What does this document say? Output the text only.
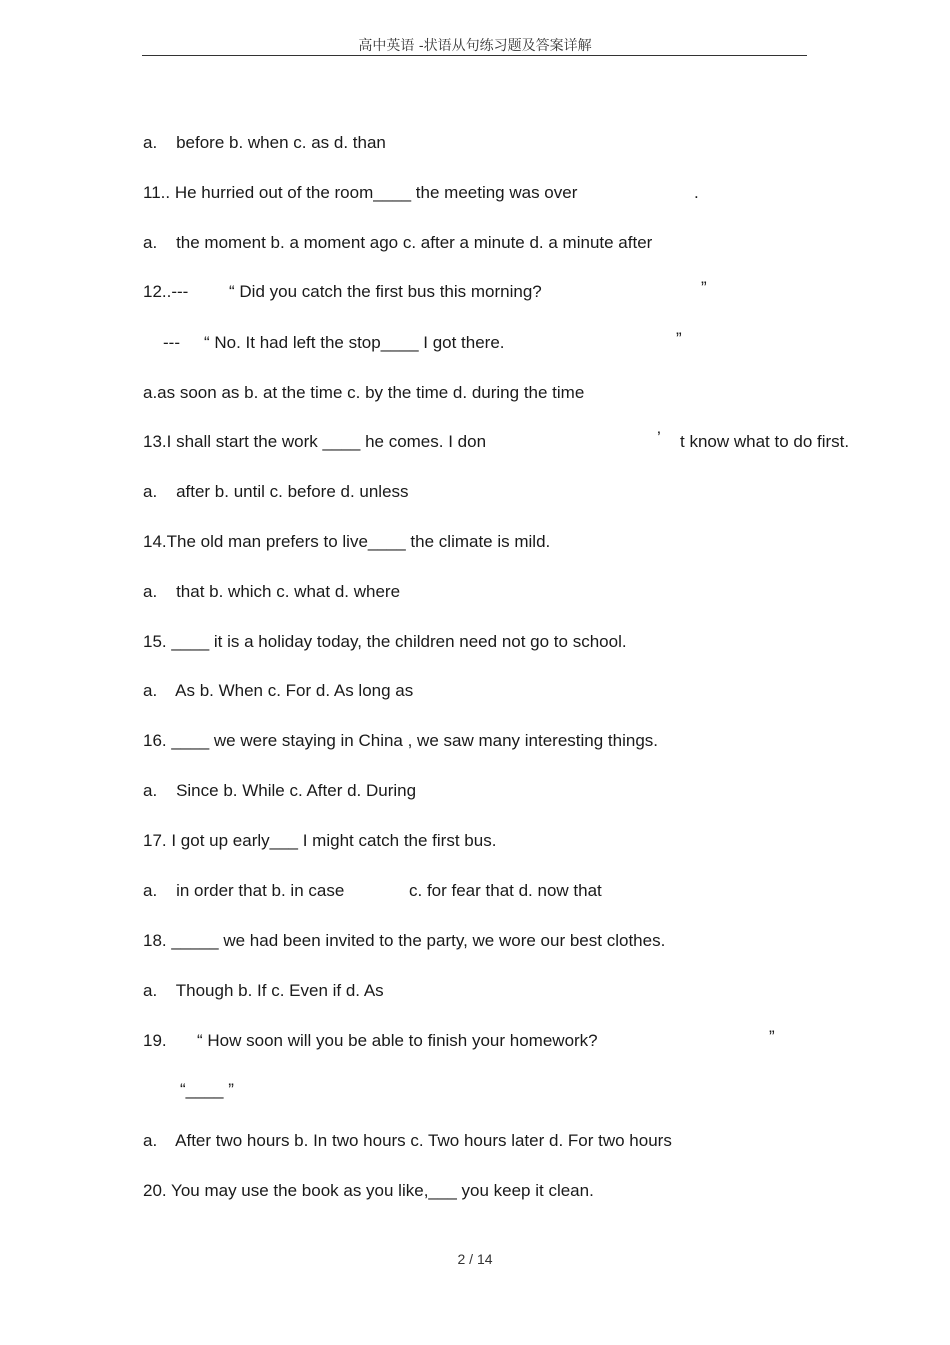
高中英语 -状语从句练习题及答案详解
a.    before b. when c. as d. than
11.. He hurried out of the room____ the meeting was over	.
a.    the moment b. a moment ago c. after a minute d. a minute after
12..--- “ Did you catch the first bus this morning?	”
--- “ No. It had left the stop____ I got there.	”
a.as soon as b. at the time c. by the time d. during the time
13.I shall start the work ____ he comes. I don	’ t know what to do first.
a.    after b. until c. before d. unless
14.The old man prefers to live____ the climate is mild.
a.    that b. which c. what d. where
15. ____ it is a holiday today, the children need not go to school.
a.    As b. When c. For d. As long as
16. ____ we were staying in China , we saw many interesting things.
a.    Since b. While c. After d. During
17. I got up early___ I might catch the first bus.
a.    in order that b. in case	c. for fear that d. now that
18. _____ we had been invited to the party, we wore our best clothes.
a.    Though b. If c. Even if d. As
19. “ How soon will you be able to finish your homework?	”
“____ ”
a.    After two hours b. In two hours c. Two hours later d. For two hours
20. You may use the book as you like,___ you keep it clean.
2 / 14
